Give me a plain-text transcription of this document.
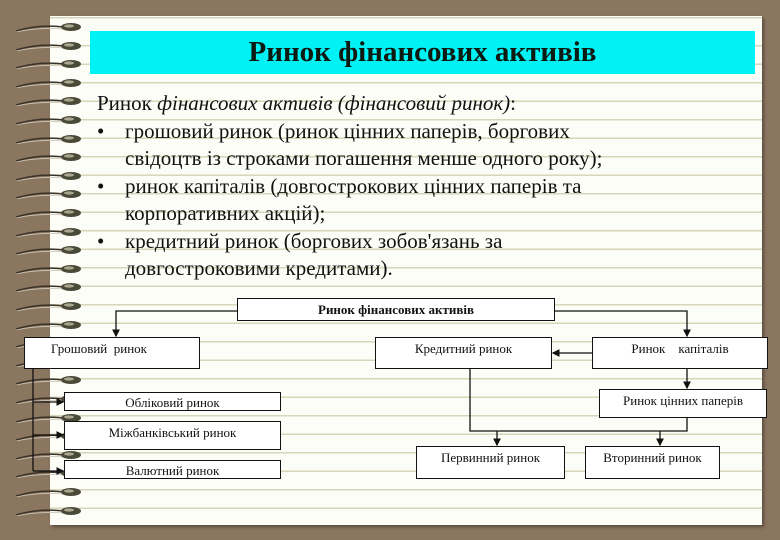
Ринок фінансових активів
Ринок фінансових активів (фінансовий ринок):
• грошовий ринок (ринок цінних паперів, боргових
свідоцтв із строками погашення менше одного року);
• ринок капіталів (довгострокових цінних паперів та
корпоративних акцій);
• кредитний ринок (боргових зобов'язань за
довгостроковими кредитами).
Ринок фінансових активів
Грошовий  ринок	Кредитний ринок	Ринок    капіталів
Ринок цінних паперів
Первинний ринок	Вторинний ринок
Обліковий ринок
Міжбанківський ринок
Валютний ринок
